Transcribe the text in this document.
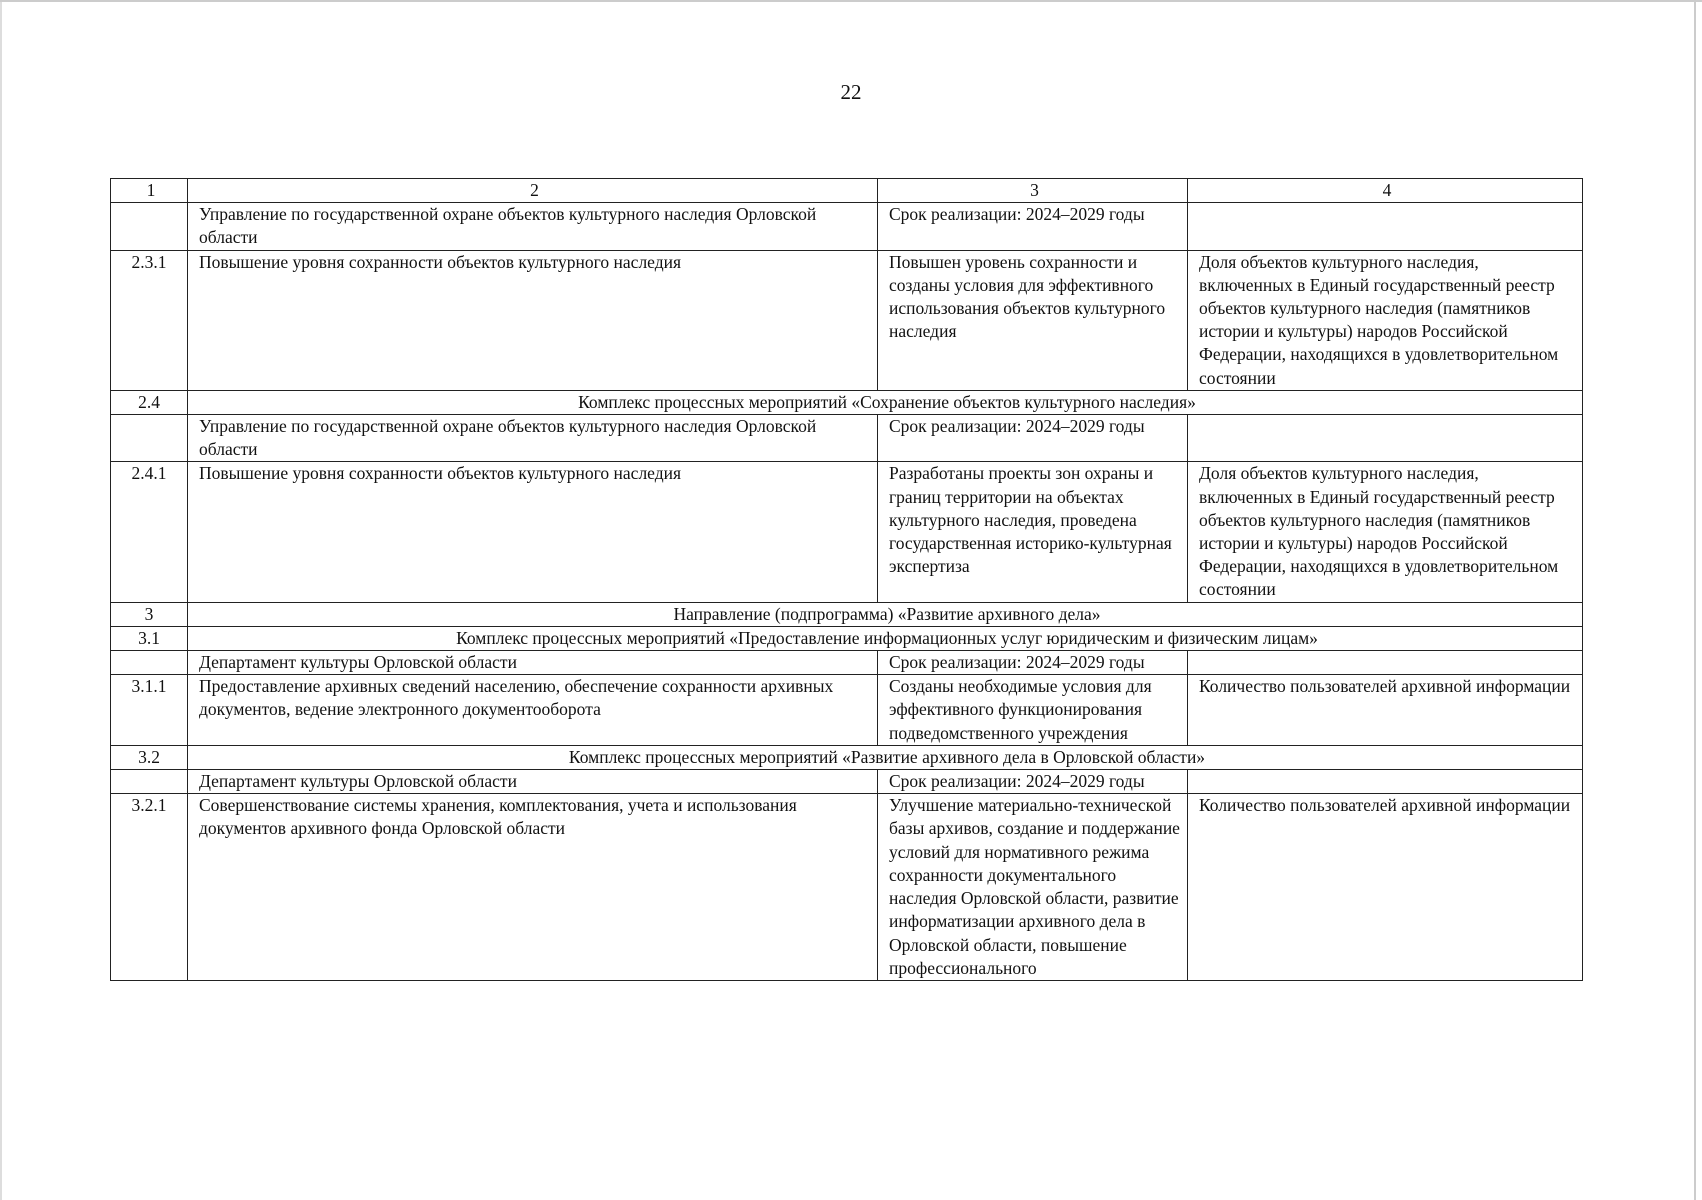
22
1	2	3	4
	Управление по государственной охране объектов культурного наследия Орловской области	Срок реализации: 2024–2029 годы	
2.3.1	Повышение уровня сохранности объектов культурного наследия	Повышен уровень сохранности и созданы условия для эффективного использования объектов культурного наследия	Доля объектов культурного наследия, включенных в Единый государственный реестр объектов культурного наследия (памятников истории и культуры) народов Российской Федерации, находящихся в удовлетворительном состоянии
2.4	Комплекс процессных мероприятий «Сохранение объектов культурного наследия»		
	Управление по государственной охране объектов культурного наследия Орловской области	Срок реализации: 2024–2029 годы	
2.4.1	Повышение уровня сохранности объектов культурного наследия	Разработаны проекты зон охраны и границ территории на объектах культурного наследия, проведена государственная историко-культурная экспертиза	Доля объектов культурного наследия, включенных в Единый государственный реестр объектов культурного наследия (памятников истории и культуры) народов Российской Федерации, находящихся в удовлетворительном состоянии
3	Направление (подпрограмма) «Развитие архивного дела»		
3.1	Комплекс процессных мероприятий «Предоставление информационных услуг юридическим и физическим лицам»		
	Департамент культуры Орловской области	Срок реализации: 2024–2029 годы	
3.1.1	Предоставление архивных сведений населению, обеспечение сохранности архивных документов, ведение электронного документооборота	Созданы необходимые условия для эффективного функционирования подведомственного учреждения	Количество пользователей архивной информации
3.2	Комплекс процессных мероприятий «Развитие архивного дела в Орловской области»		
	Департамент культуры Орловской области	Срок реализации: 2024–2029 годы	
3.2.1	Совершенствование системы хранения, комплектования, учета и использования документов архивного фонда Орловской области	Улучшение материально-технической базы архивов, создание и поддержание условий для нормативного режима сохранности документального наследия Орловской области, развитие информатизации архивного дела в Орловской области, повышение профессионального	Количество пользователей архивной информации
